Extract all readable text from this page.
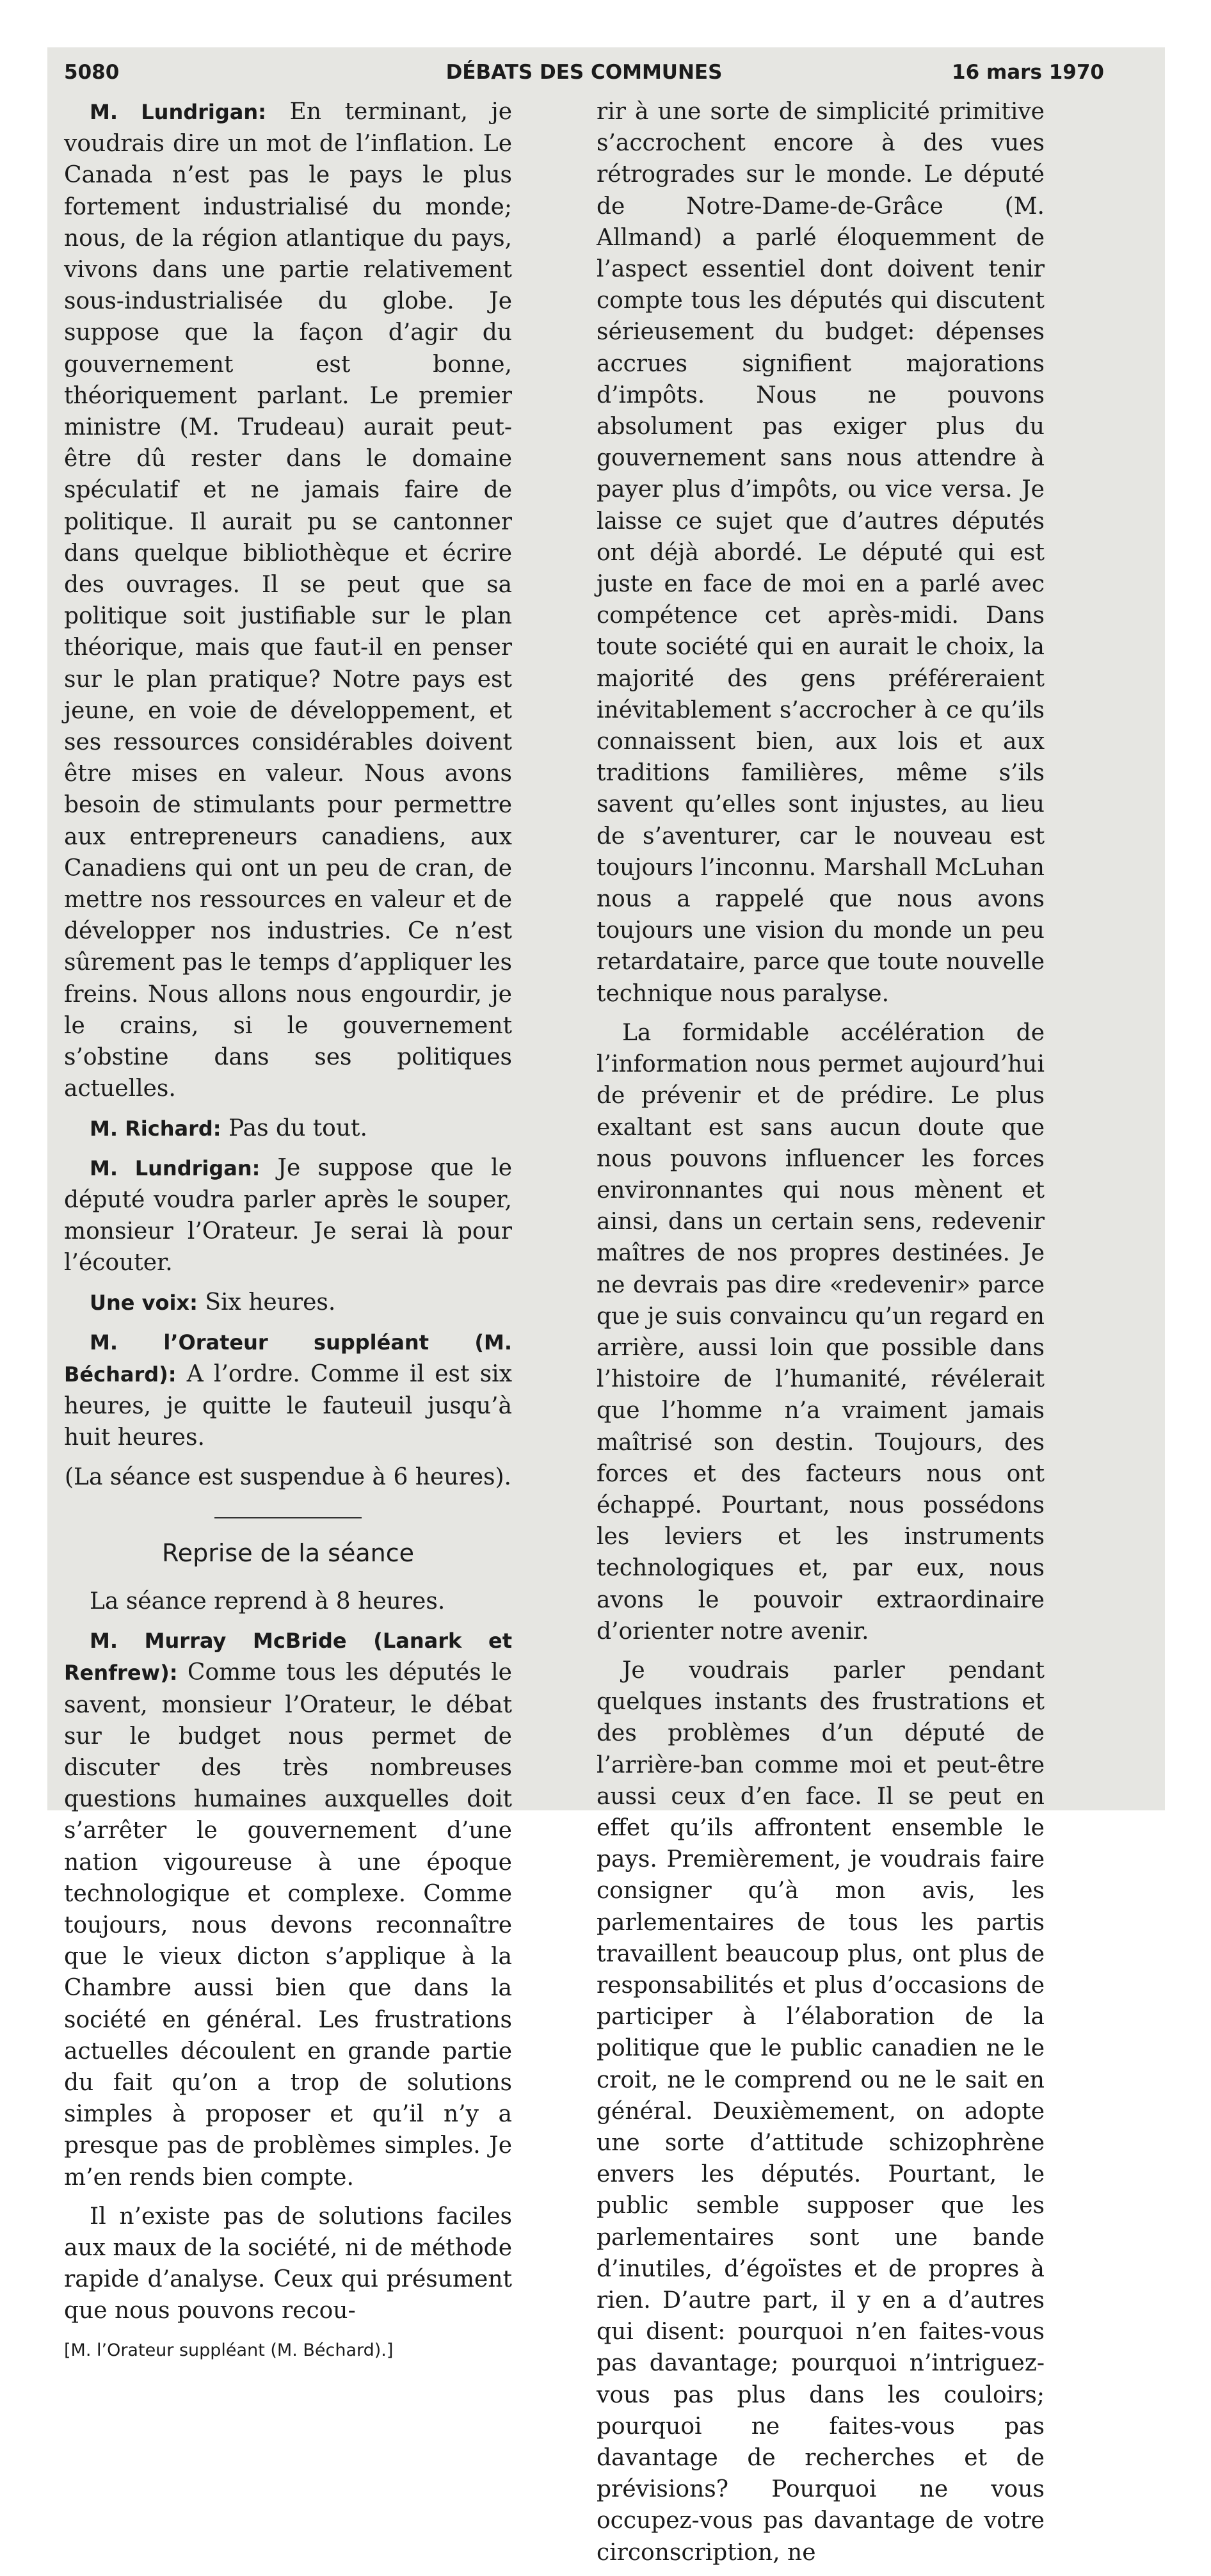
5080	DÉBATS DES COMMUNES	16 mars 1970

M. Lundrigan: En terminant, je voudrais dire un mot de l’inflation. Le Canada n’est pas le pays le plus fortement industrialisé du monde; nous, de la région atlantique du pays, vivons dans une partie relativement sous-industrialisée du globe. Je suppose que la façon d’agir du gouvernement est bonne, théoriquement parlant. Le premier ministre (M. Trudeau) aurait peut-être dû rester dans le domaine spéculatif et ne jamais faire de politique. Il aurait pu se cantonner dans quelque bibliothèque et écrire des ouvrages. Il se peut que sa politique soit justifiable sur le plan théorique, mais que faut-il en penser sur le plan pratique? Notre pays est jeune, en voie de développement, et ses ressources considérables doivent être mises en valeur. Nous avons besoin de stimulants pour permettre aux entrepreneurs canadiens, aux Canadiens qui ont un peu de cran, de mettre nos ressources en valeur et de développer nos industries. Ce n’est sûrement pas le temps d’appliquer les freins. Nous allons nous engourdir, je le crains, si le gouvernement s’obstine dans ses politiques actuelles.

M. Richard: Pas du tout.

M. Lundrigan: Je suppose que le député voudra parler après le souper, monsieur l’Orateur. Je serai là pour l’écouter.

Une voix: Six heures.

M. l’Orateur suppléant (M. Béchard): A l’ordre. Comme il est six heures, je quitte le fauteuil jusqu’à huit heures.

(La séance est suspendue à 6 heures).

Reprise de la séance

La séance reprend à 8 heures.

M. Murray McBride (Lanark et Renfrew): Comme tous les députés le savent, monsieur l’Orateur, le débat sur le budget nous permet de discuter des très nombreuses questions humaines auxquelles doit s’arrêter le gouvernement d’une nation vigoureuse à une époque technologique et complexe. Comme toujours, nous devons reconnaître que le vieux dicton s’applique à la Chambre aussi bien que dans la société en général. Les frustrations actuelles découlent en grande partie du fait qu’on a trop de solutions simples à proposer et qu’il n’y a presque pas de problèmes simples. Je m’en rends bien compte.

Il n’existe pas de solutions faciles aux maux de la société, ni de méthode rapide d’analyse. Ceux qui présument que nous pouvons recou-

[M. l’Orateur suppléant (M. Béchard).]

rir à une sorte de simplicité primitive s’accrochent encore à des vues rétrogrades sur le monde. Le député de Notre-Dame-de-Grâce (M. Allmand) a parlé éloquemment de l’aspect essentiel dont doivent tenir compte tous les députés qui discutent sérieusement du budget: dépenses accrues signifient majorations d’impôts. Nous ne pouvons absolument pas exiger plus du gouvernement sans nous attendre à payer plus d’impôts, ou vice versa. Je laisse ce sujet que d’autres députés ont déjà abordé. Le député qui est juste en face de moi en a parlé avec compétence cet après-midi. Dans toute société qui en aurait le choix, la majorité des gens préféreraient inévitablement s’accrocher à ce qu’ils connaissent bien, aux lois et aux traditions familières, même s’ils savent qu’elles sont injustes, au lieu de s’aventurer, car le nouveau est toujours l’inconnu. Marshall McLuhan nous a rappelé que nous avons toujours une vision du monde un peu retardataire, parce que toute nouvelle technique nous paralyse.

La formidable accélération de l’information nous permet aujourd’hui de prévenir et de prédire. Le plus exaltant est sans aucun doute que nous pouvons influencer les forces environnantes qui nous mènent et ainsi, dans un certain sens, redevenir maîtres de nos propres destinées. Je ne devrais pas dire «redevenir» parce que je suis convaincu qu’un regard en arrière, aussi loin que possible dans l’histoire de l’humanité, révélerait que l’homme n’a vraiment jamais maîtrisé son destin. Toujours, des forces et des facteurs nous ont échappé. Pourtant, nous possédons les leviers et les instruments technologiques et, par eux, nous avons le pouvoir extraordinaire d’orienter notre avenir.

Je voudrais parler pendant quelques instants des frustrations et des problèmes d’un député de l’arrière-ban comme moi et peut-être aussi ceux d’en face. Il se peut en effet qu’ils affrontent ensemble le pays. Premièrement, je voudrais faire consigner qu’à mon avis, les parlementaires de tous les partis travaillent beaucoup plus, ont plus de responsabilités et plus d’occasions de participer à l’élaboration de la politique que le public canadien ne le croit, ne le comprend ou ne le sait en général. Deuxièmement, on adopte une sorte d’attitude schizophrène envers les députés. Pourtant, le public semble supposer que les parlementaires sont une bande d’inutiles, d’égoïstes et de propres à rien. D’autre part, il y en a d’autres qui disent: pourquoi n’en faites-vous pas davantage; pourquoi n’intriguez-vous pas plus dans les couloirs; pourquoi ne faites-vous pas davantage de recherches et de prévisions? Pourquoi ne vous occupez-vous pas davantage de votre circonscription, ne
